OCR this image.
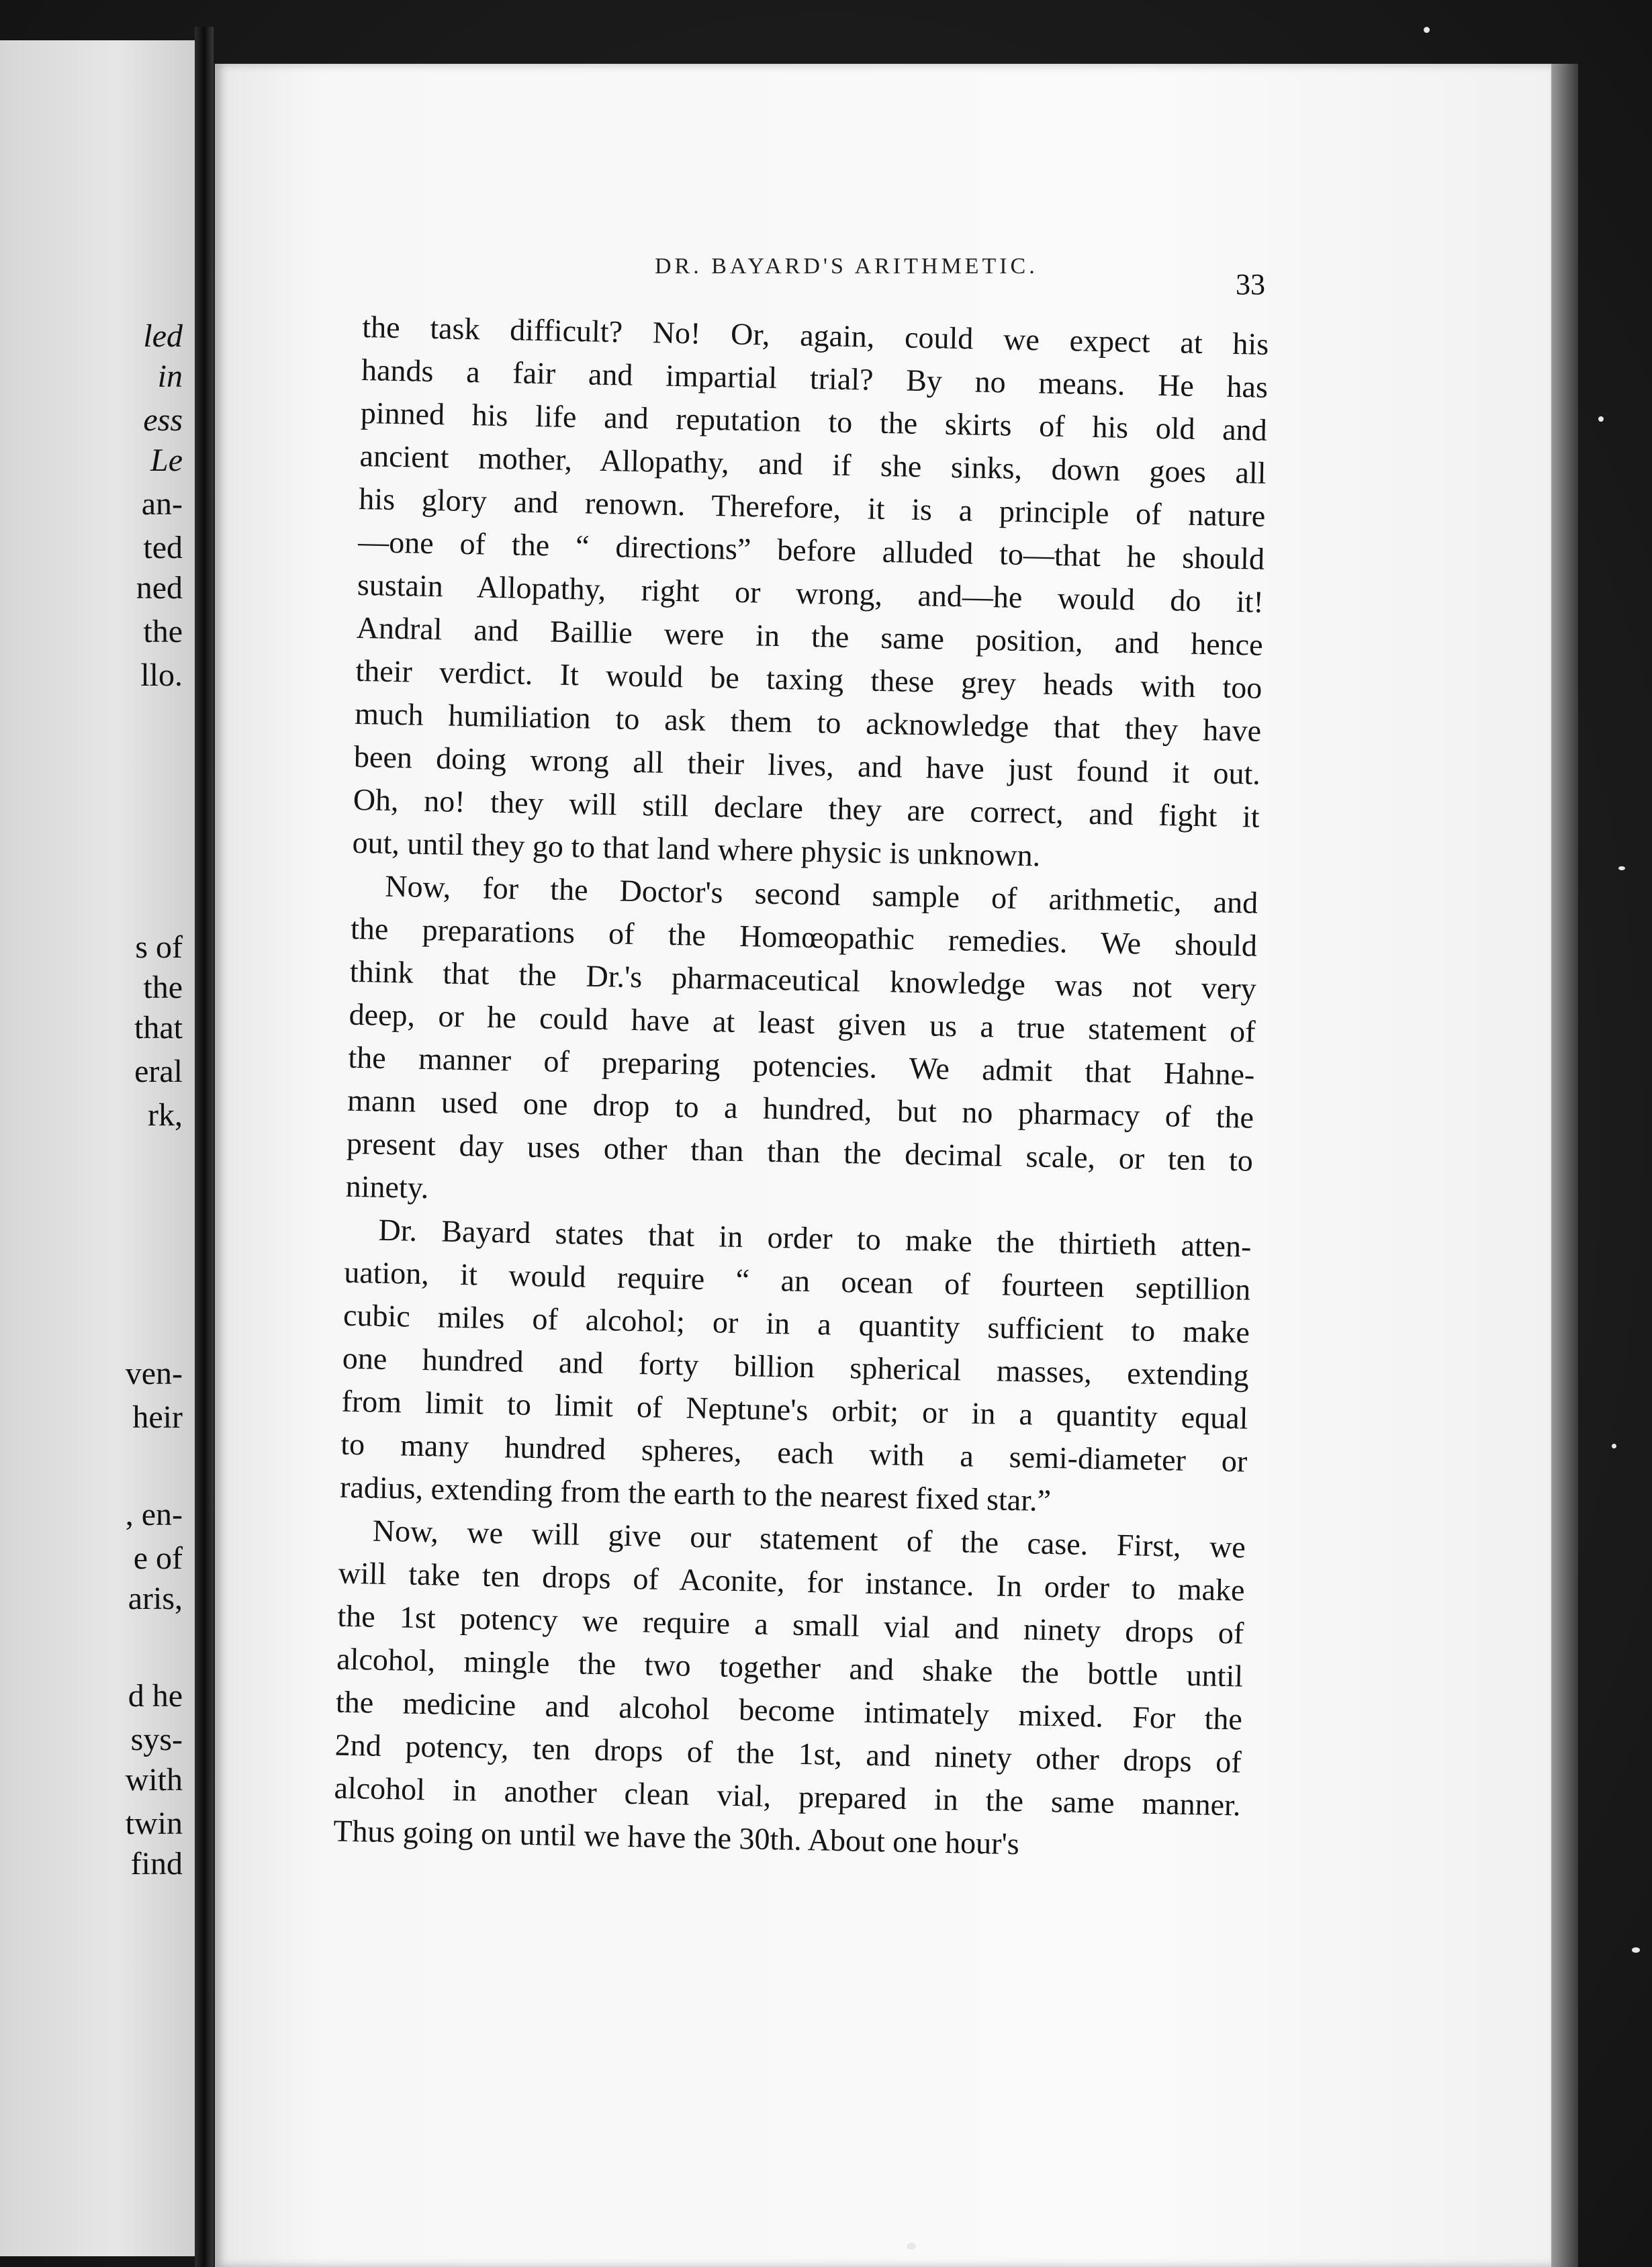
led
in
ess
Le
an-
ted
ned
the
llo.
s of
the
that
eral
rk,
ven-
heir
, en-
e of
aris,
d he
sys-
with
twin
find
DR. BAYARD'S ARITHMETIC.
33
the task difficult? No! Or, again, could we expect at his
hands a fair and impartial trial? By no means. He has
pinned his life and reputation to the skirts of his old and
ancient mother, Allopathy, and if she sinks, down goes all
his glory and renown. Therefore, it is a principle of nature
—one of the “ directions” before alluded to—that he should
sustain Allopathy, right or wrong, and—he would do it!
Andral and Baillie were in the same position, and hence
their verdict. It would be taxing these grey heads with too
much humiliation to ask them to acknowledge that they have
been doing wrong all their lives, and have just found it out.
Oh, no! they will still declare they are correct, and fight it
out, until they go to that land where physic is unknown.
Now, for the Doctor's second sample of arithmetic, and
the preparations of the Homœopathic remedies. We should
think that the Dr.'s pharmaceutical knowledge was not very
deep, or he could have at least given us a true statement of
the manner of preparing potencies. We admit that Hahne-
mann used one drop to a hundred, but no pharmacy of the
present day uses other than than the decimal scale, or ten to
ninety.
Dr. Bayard states that in order to make the thirtieth atten-
uation, it would require “ an ocean of fourteen septillion
cubic miles of alcohol; or in a quantity sufficient to make
one hundred and forty billion spherical masses, extending
from limit to limit of Neptune's orbit; or in a quantity equal
to many hundred spheres, each with a semi-diameter or
radius, extending from the earth to the nearest fixed star.”
Now, we will give our statement of the case. First, we
will take ten drops of Aconite, for instance. In order to make
the 1st potency we require a small vial and ninety drops of
alcohol, mingle the two together and shake the bottle until
the medicine and alcohol become intimately mixed. For the
2nd potency, ten drops of the 1st, and ninety other drops of
alcohol in another clean vial, prepared in the same manner.
Thus going on until we have the 30th. About one hour's
